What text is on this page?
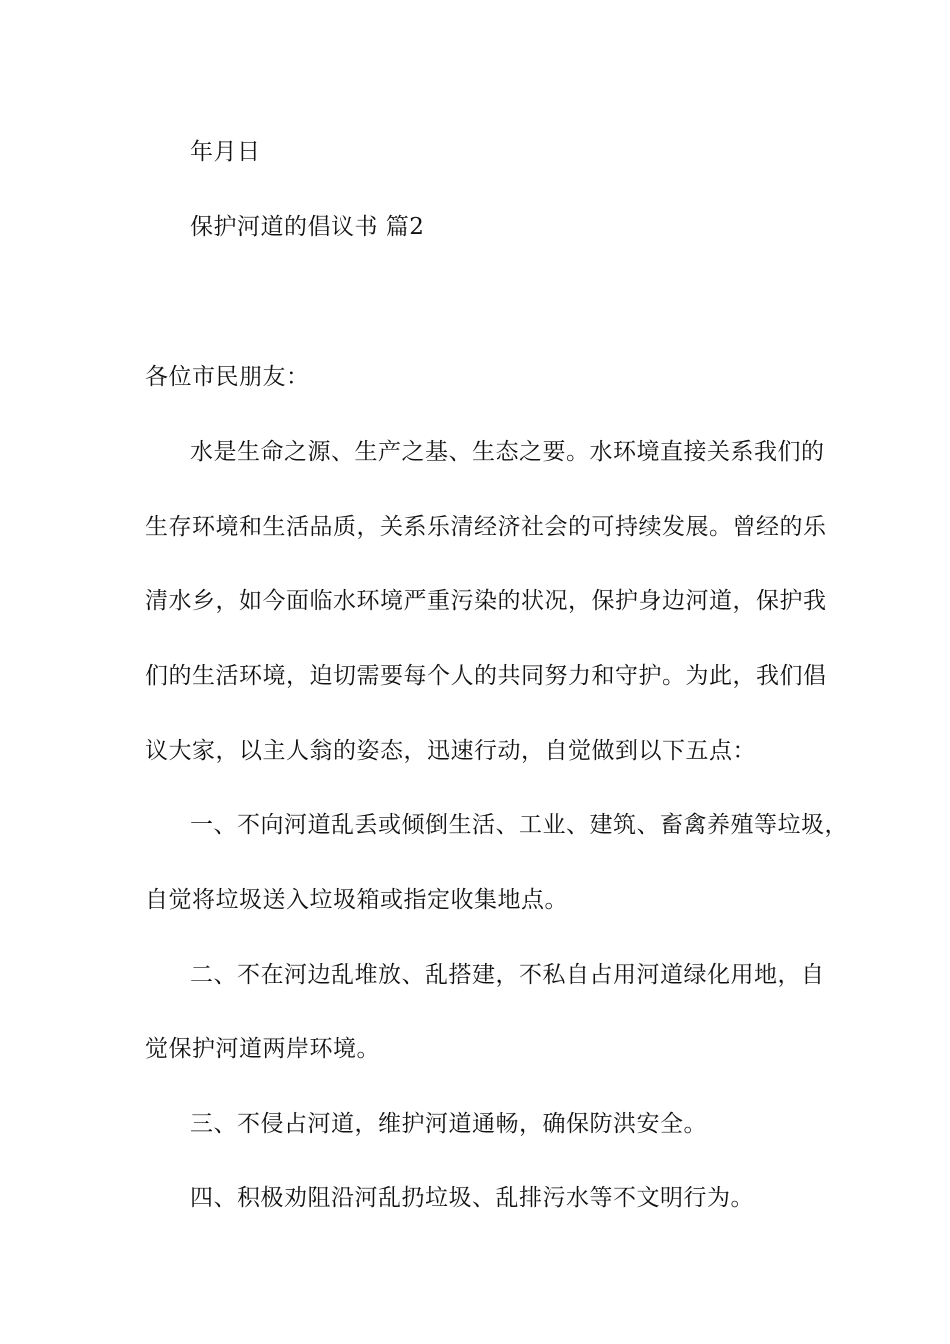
年月日
保护河道的倡议书 篇2
各位市民朋友：
水是生命之源、生产之基、生态之要。水环境直接关系我们的
生存环境和生活品质，关系乐清经济社会的可持续发展。曾经的乐
清水乡，如今面临水环境严重污染的状况，保护身边河道，保护我
们的生活环境，迫切需要每个人的共同努力和守护。为此，我们倡
议大家，以主人翁的姿态，迅速行动，自觉做到以下五点：
一、不向河道乱丢或倾倒生活、工业、建筑、畜禽养殖等垃圾，
自觉将垃圾送入垃圾箱或指定收集地点。
二、不在河边乱堆放、乱搭建，不私自占用河道绿化用地，自
觉保护河道两岸环境。
三、不侵占河道，维护河道通畅，确保防洪安全。
四、积极劝阻沿河乱扔垃圾、乱排污水等不文明行为。
